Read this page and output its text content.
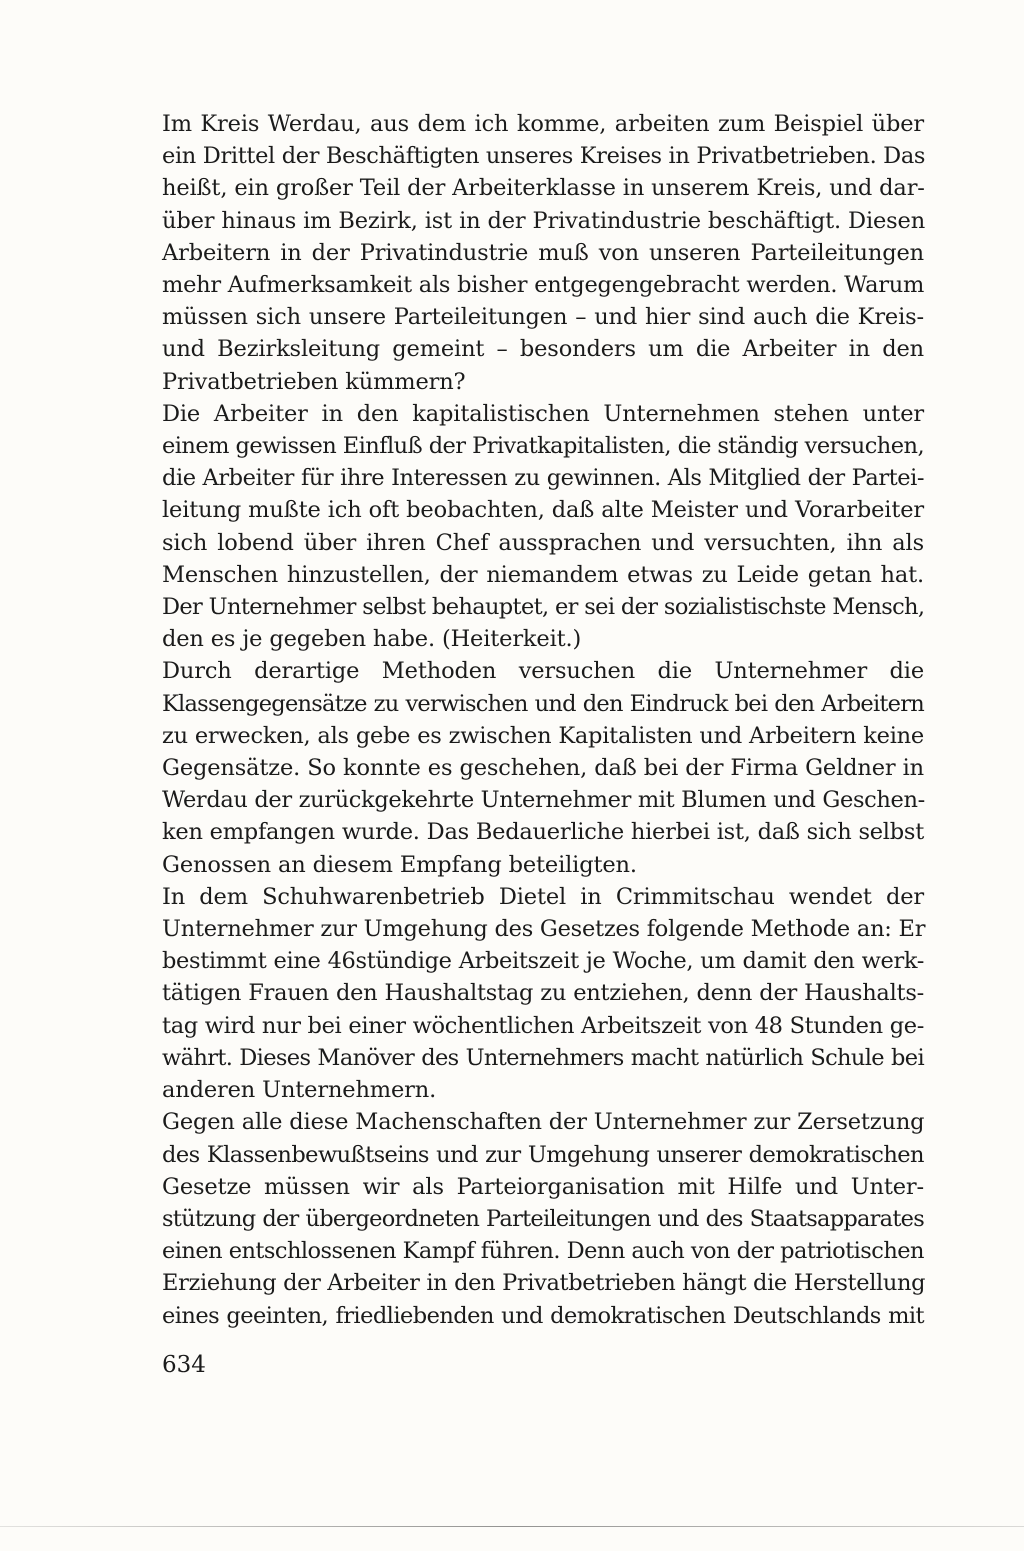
Im Kreis Werdau, aus dem ich komme, arbeiten zum Beispiel über
ein Drittel der Beschäftigten unseres Kreises in Privatbetrieben. Das
heißt, ein großer Teil der Arbeiterklasse in unserem Kreis, und dar-
über hinaus im Bezirk, ist in der Privatindustrie beschäftigt. Diesen
Arbeitern in der Privatindustrie muß von unseren Parteileitungen
mehr Aufmerksamkeit als bisher entgegengebracht werden. Warum
müssen sich unsere Parteileitungen – und hier sind auch die Kreis-
und Bezirksleitung gemeint – besonders um die Arbeiter in den
Privatbetrieben kümmern?

Die Arbeiter in den kapitalistischen Unternehmen stehen unter
einem gewissen Einfluß der Privatkapitalisten, die ständig versuchen,
die Arbeiter für ihre Interessen zu gewinnen. Als Mitglied der Partei-
leitung mußte ich oft beobachten, daß alte Meister und Vorarbeiter
sich lobend über ihren Chef aussprachen und versuchten, ihn als
Menschen hinzustellen, der niemandem etwas zu Leide getan hat.
Der Unternehmer selbst behauptet, er sei der sozialistischste Mensch,
den es je gegeben habe. (Heiterkeit.)

Durch derartige Methoden versuchen die Unternehmer die
Klassengegensätze zu verwischen und den Eindruck bei den Arbeitern
zu erwecken, als gebe es zwischen Kapitalisten und Arbeitern keine
Gegensätze. So konnte es geschehen, daß bei der Firma Geldner in
Werdau der zurückgekehrte Unternehmer mit Blumen und Geschen-
ken empfangen wurde. Das Bedauerliche hierbei ist, daß sich selbst
Genossen an diesem Empfang beteiligten.

In dem Schuhwarenbetrieb Dietel in Crimmitschau wendet der
Unternehmer zur Umgehung des Gesetzes folgende Methode an: Er
bestimmt eine 46stündige Arbeitszeit je Woche, um damit den werk-
tätigen Frauen den Haushaltstag zu entziehen, denn der Haushalts-
tag wird nur bei einer wöchentlichen Arbeitszeit von 48 Stunden ge-
währt. Dieses Manöver des Unternehmers macht natürlich Schule bei
anderen Unternehmern.

Gegen alle diese Machenschaften der Unternehmer zur Zersetzung
des Klassenbewußtseins und zur Umgehung unserer demokratischen
Gesetze müssen wir als Parteiorganisation mit Hilfe und Unter-
stützung der übergeordneten Parteileitungen und des Staatsapparates
einen entschlossenen Kampf führen. Denn auch von der patriotischen
Erziehung der Arbeiter in den Privatbetrieben hängt die Herstellung
eines geeinten, friedliebenden und demokratischen Deutschlands mit

634
